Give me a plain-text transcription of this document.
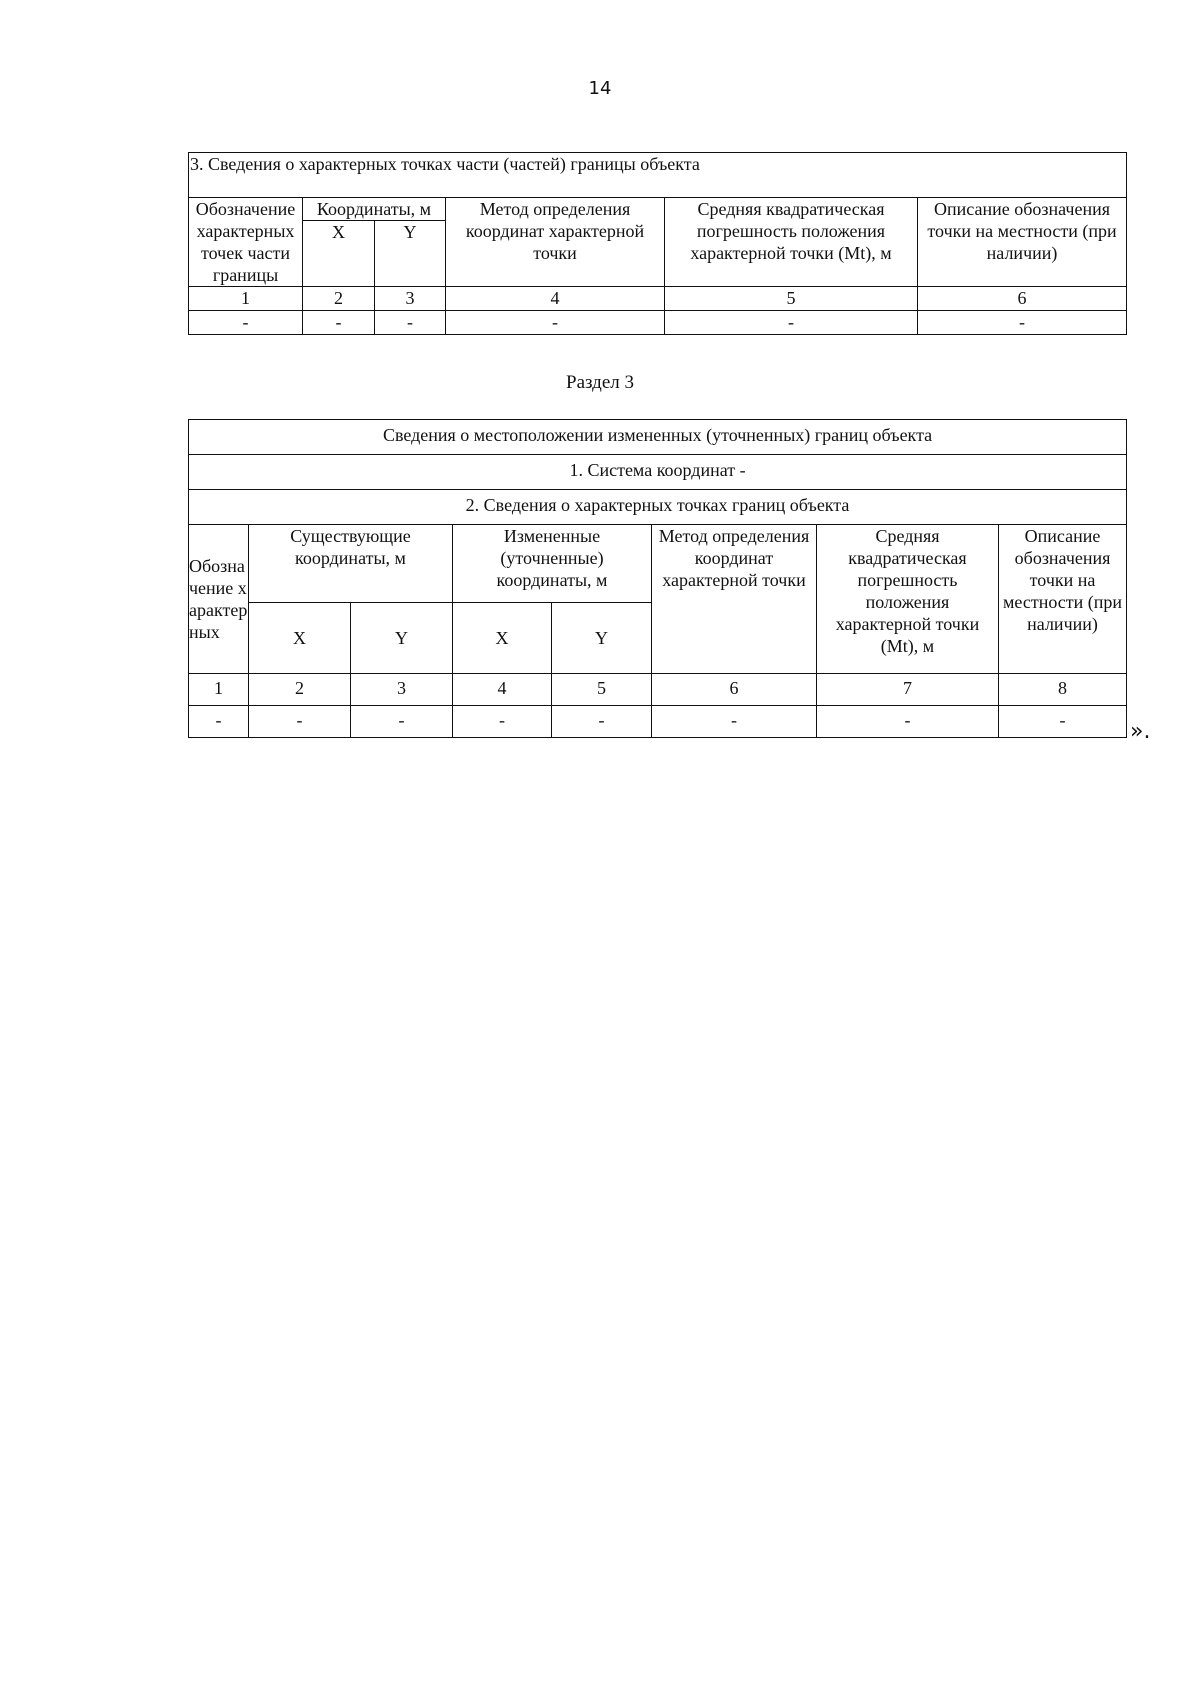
14
3. Сведения о характерных точках части (частей) границы объекта					
Обозначение характерных точек части границы	Координаты, м		Метод определения координат характерной точки	Средняя квадратическая погрешность положения характерной точки (Mt), м	Описание обозначения точки на местности (при наличии)
	X	Y			
1	2	3	4	5	6
-	-	-	-	-	-
Раздел 3
Сведения о местоположении измененных (уточненных) границ объекта							
1. Система координат -							
2. Сведения о характерных точках границ объекта							
Обозначение характерных	Существующие координаты, м		Измененные (уточненные) координаты, м		Метод определения координат характерной точки	Средняя квадратическая погрешность положения характерной точки (Mt), м	Описание обозначения точки на местности (при наличии)
	X	Y	X	Y			
1	2	3	4	5	6	7	8
-	-	-	-	-	-	-	-	».
